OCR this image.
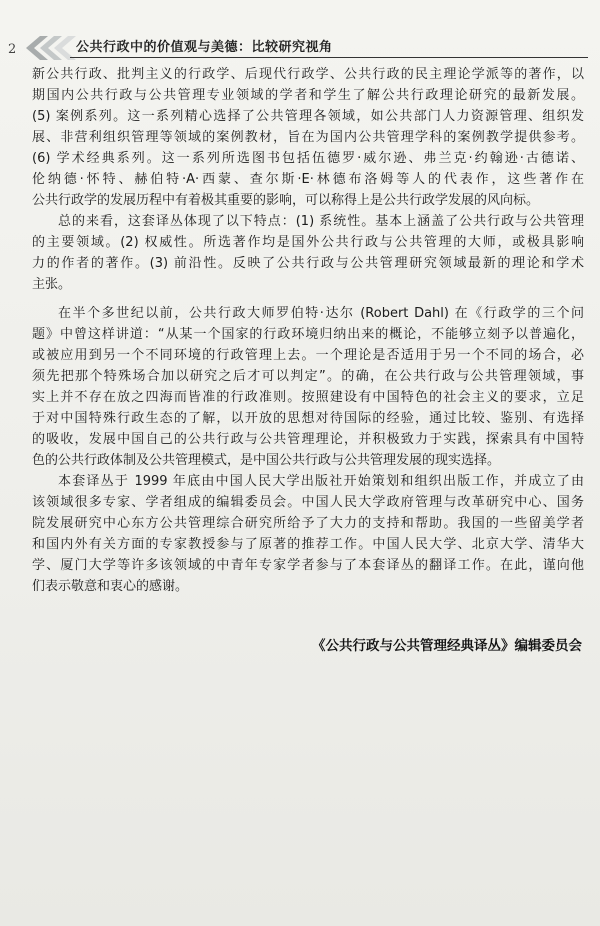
2	公共行政中的价值观与美德：比较研究视角
新公共行政、批判主义的行政学、后现代行政学、公共行政的民主理论学派等的著作，以
期国内公共行政与公共管理专业领域的学者和学生了解公共行政理论研究的最新发展。
(5) 案例系列。这一系列精心选择了公共管理各领域，如公共部门人力资源管理、组织发
展、非营利组织管理等领域的案例教材，旨在为国内公共管理学科的案例教学提供参考。
(6) 学术经典系列。这一系列所选图书包括伍德罗·威尔逊、弗兰克·约翰逊·古德诺、
伦纳德·怀特、赫伯特·A·西蒙、查尔斯·E·林德布洛姆等人的代表作，这些著作在
公共行政学的发展历程中有着极其重要的影响，可以称得上是公共行政学发展的风向标。
总的来看，这套译丛体现了以下特点：(1) 系统性。基本上涵盖了公共行政与公共管理
的主要领域。(2) 权威性。所选著作均是国外公共行政与公共管理的大师，或极具影响
力的作者的著作。(3) 前沿性。反映了公共行政与公共管理研究领域最新的理论和学术
主张。
在半个多世纪以前，公共行政大师罗伯特·达尔 (Robert Dahl) 在《行政学的三个问
题》中曾这样讲道：“从某一个国家的行政环境归纳出来的概论，不能够立刻予以普遍化，
或被应用到另一个不同环境的行政管理上去。一个理论是否适用于另一个不同的场合，必
须先把那个特殊场合加以研究之后才可以判定”。的确，在公共行政与公共管理领域，事
实上并不存在放之四海而皆准的行政准则。按照建设有中国特色的社会主义的要求，立足
于对中国特殊行政生态的了解，以开放的思想对待国际的经验，通过比较、鉴别、有选择
的吸收，发展中国自己的公共行政与公共管理理论，并积极致力于实践，探索具有中国特
色的公共行政体制及公共管理模式，是中国公共行政与公共管理发展的现实选择。
本套译丛于 1999 年底由中国人民大学出版社开始策划和组织出版工作，并成立了由
该领域很多专家、学者组成的编辑委员会。中国人民大学政府管理与改革研究中心、国务
院发展研究中心东方公共管理综合研究所给予了大力的支持和帮助。我国的一些留美学者
和国内外有关方面的专家教授参与了原著的推荐工作。中国人民大学、北京大学、清华大
学、厦门大学等许多该领域的中青年专家学者参与了本套译丛的翻译工作。在此，谨向他
们表示敬意和衷心的感谢。
《公共行政与公共管理经典译丛》编辑委员会
